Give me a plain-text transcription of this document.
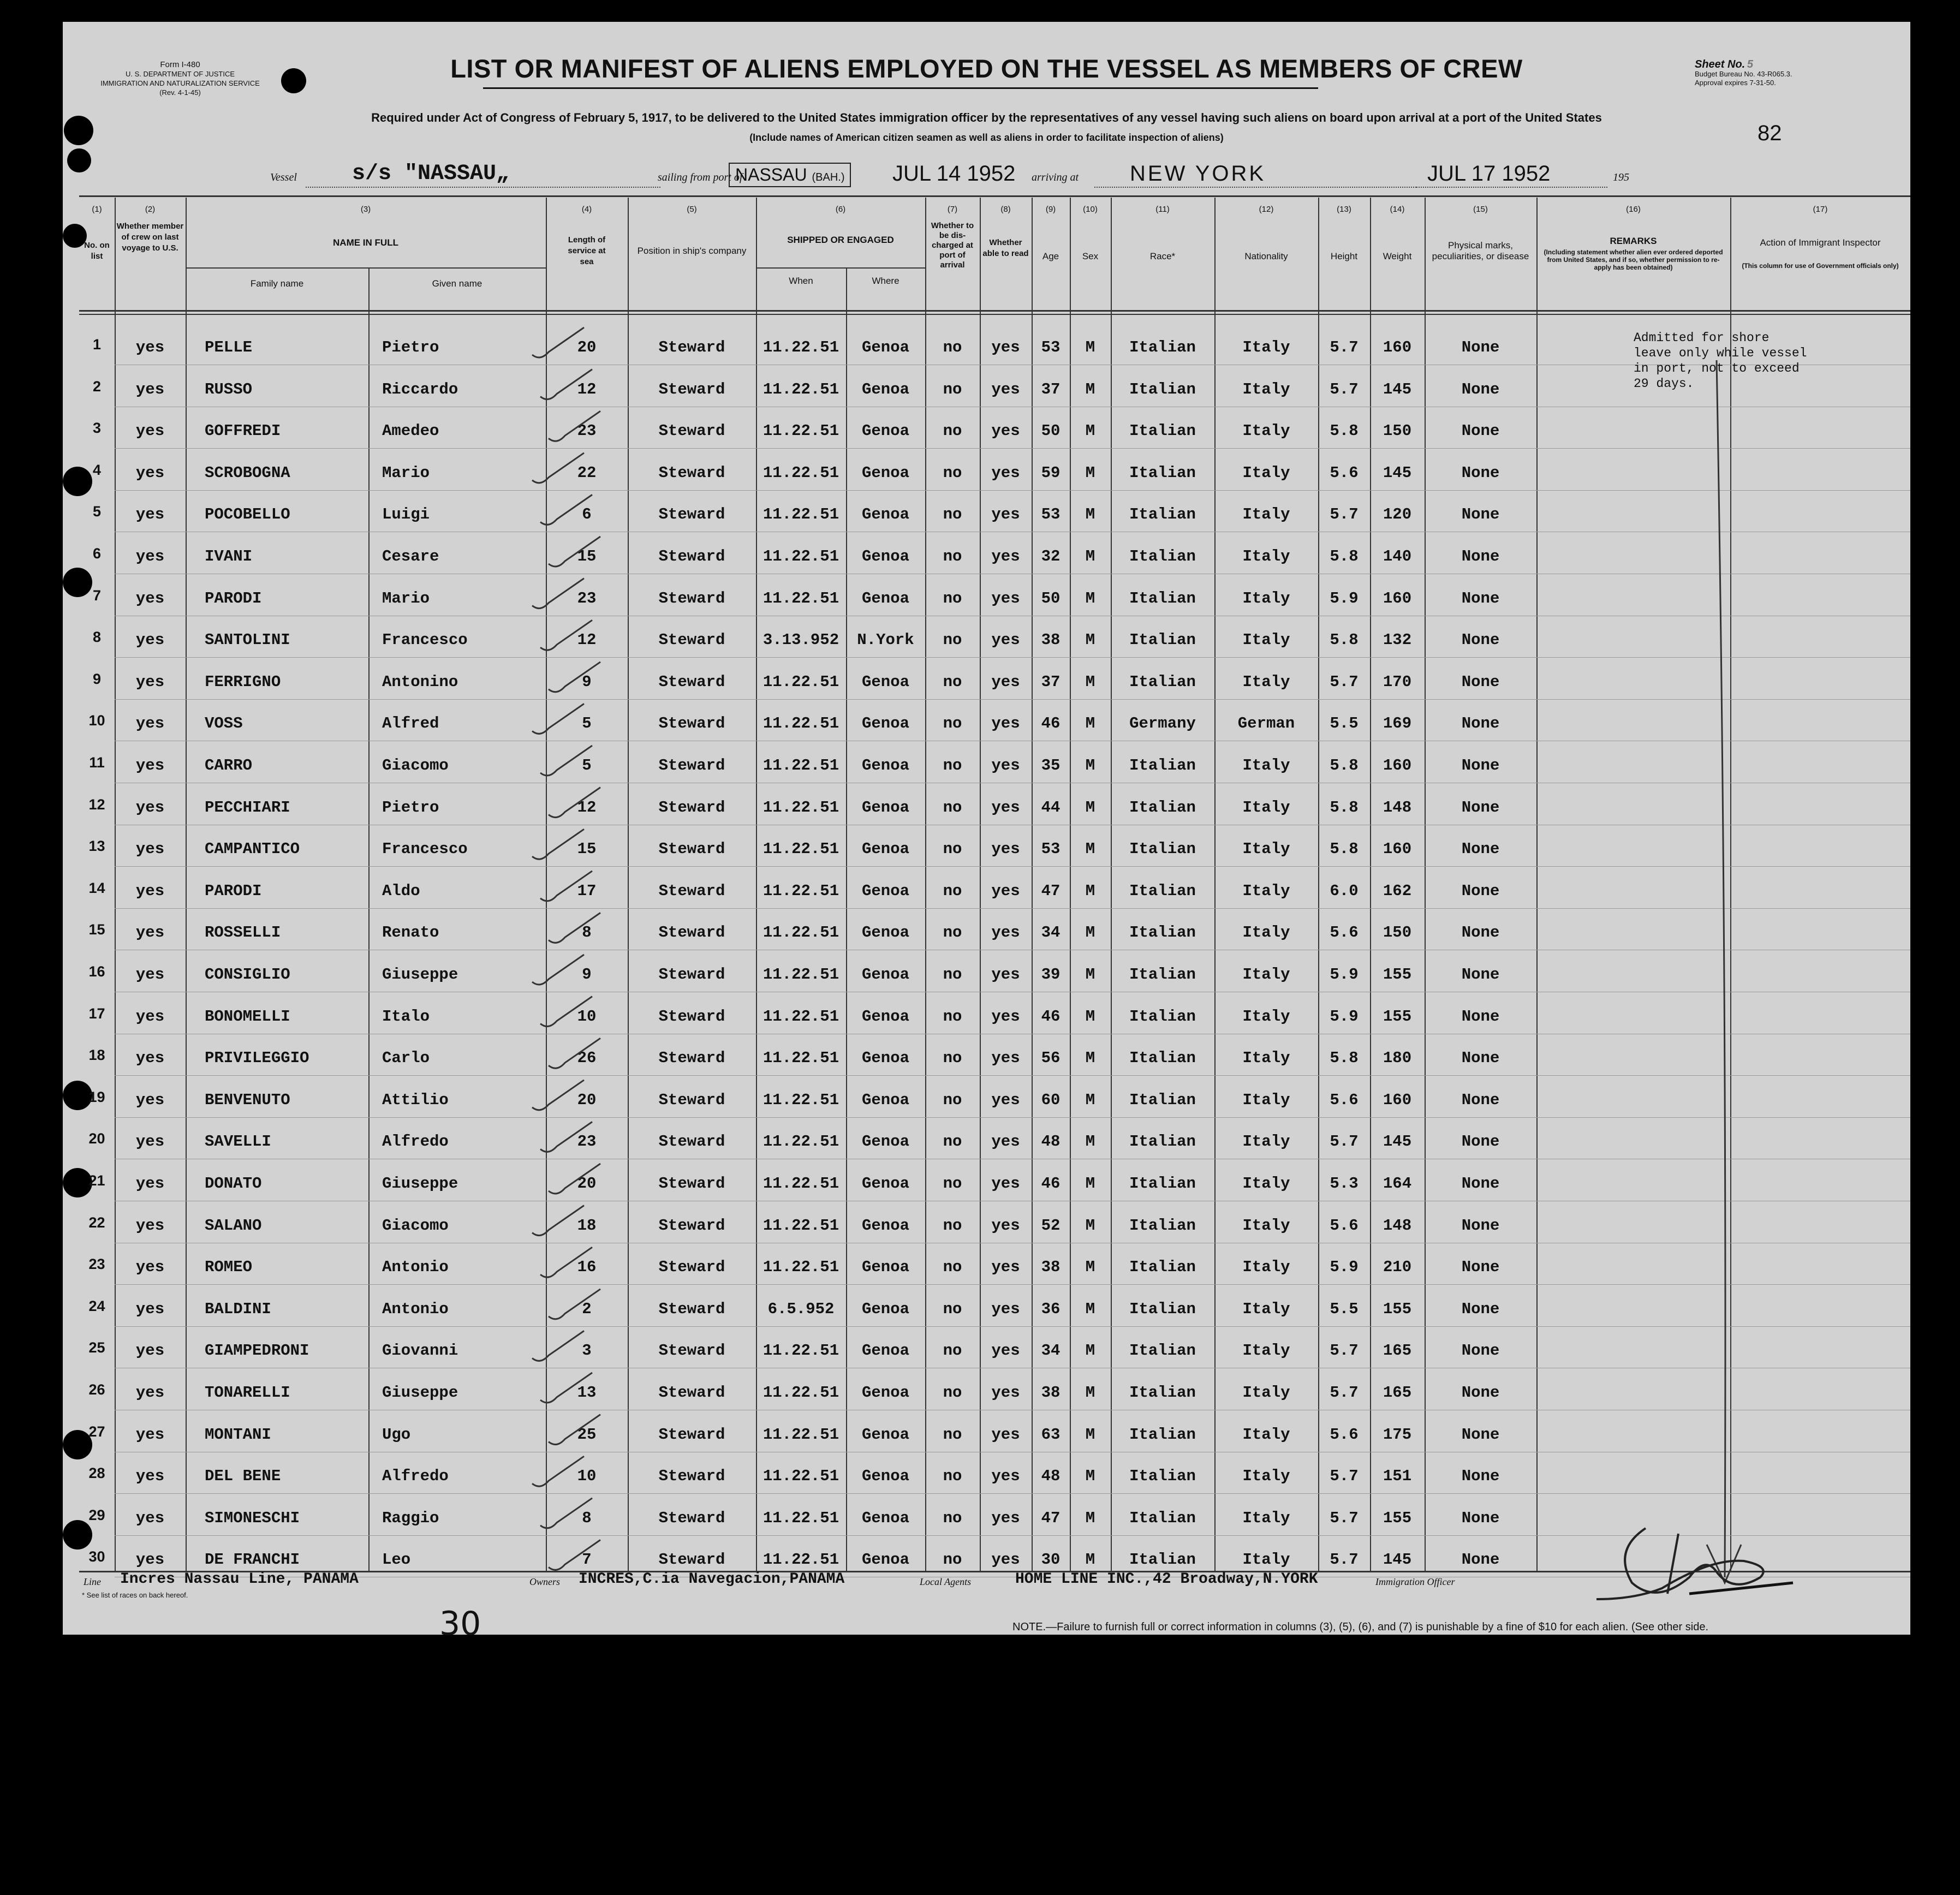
Form I-480
U. S. DEPARTMENT OF JUSTICE
IMMIGRATION AND NATURALIZATION SERVICE
(Rev. 4-1-45)
LIST OR MANIFEST OF ALIENS EMPLOYED ON THE VESSEL AS MEMBERS OF CREW
Required under Act of Congress of February 5, 1917, to be delivered to the United States immigration officer by the representatives of any vessel having such aliens on board upon arrival at a port of the United States
(Include names of American citizen seamen as well as aliens in order to facilitate inspection of aliens)
Sheet No. 5
Budget Bureau No. 43-R065.3.
Approval expires 7-31-50.
82
Vessel	s/s "NASSAU„	sailing from port of
NASSAU (BAH.)	JUL 14 1952 arriving at NEW YORK	JUL 17 1952	195
(2)
(1)
No. on list
Whether member of crew on last voyage to U.S.
(3)
NAME IN FULL
Family name	Given name
(4)
Length of service at sea
(5)
Position in ship's company
(6)
SHIPPED OR ENGAGED
When	Where
(7)
Whether to be dis-charged at port of arrival
(8)
Whether able to read
(9)
Age
(10)
Sex
(11)
Race*
(12)
Nationality
(13)
Height
(14)
Weight
(15)
Physical marks, peculiarities, or disease
(16)
REMARKS
(Including statement whether alien ever ordered deported from United States, and if so, whether permission to re-apply has been obtained)
(17)
Action of Immigrant Inspector
(This column for use of Government officials only)
1	yes	PELLE	Pietro	20	Steward	11.22.51	Genoa	no	yes	53	M	Italian	Italy	5.7	160	None
2	yes	RUSSO	Riccardo	12	Steward	11.22.51	Genoa	no	yes	37	M	Italian	Italy	5.7	145	None
3	yes	GOFFREDI	Amedeo	23	Steward	11.22.51	Genoa	no	yes	50	M	Italian	Italy	5.8	150	None
4	yes	SCROBOGNA	Mario	22	Steward	11.22.51	Genoa	no	yes	59	M	Italian	Italy	5.6	145	None
5	yes	POCOBELLO	Luigi	6	Steward	11.22.51	Genoa	no	yes	53	M	Italian	Italy	5.7	120	None
6	yes	IVANI	Cesare	15	Steward	11.22.51	Genoa	no	yes	32	M	Italian	Italy	5.8	140	None
7	yes	PARODI	Mario	23	Steward	11.22.51	Genoa	no	yes	50	M	Italian	Italy	5.9	160	None
8	yes	SANTOLINI	Francesco	12	Steward	3.13.952	N.York	no	yes	38	M	Italian	Italy	5.8	132	None
9	yes	FERRIGNO	Antonino	9	Steward	11.22.51	Genoa	no	yes	37	M	Italian	Italy	5.7	170	None
10	yes	VOSS	Alfred	5	Steward	11.22.51	Genoa	no	yes	46	M	Germany	German	5.5	169	None
11	yes	CARRO	Giacomo	5	Steward	11.22.51	Genoa	no	yes	35	M	Italian	Italy	5.8	160	None
12	yes	PECCHIARI	Pietro	12	Steward	11.22.51	Genoa	no	yes	44	M	Italian	Italy	5.8	148	None
13	yes	CAMPANTICO	Francesco	15	Steward	11.22.51	Genoa	no	yes	53	M	Italian	Italy	5.8	160	None
14	yes	PARODI	Aldo	17	Steward	11.22.51	Genoa	no	yes	47	M	Italian	Italy	6.0	162	None
15	yes	ROSSELLI	Renato	8	Steward	11.22.51	Genoa	no	yes	34	M	Italian	Italy	5.6	150	None
16	yes	CONSIGLIO	Giuseppe	9	Steward	11.22.51	Genoa	no	yes	39	M	Italian	Italy	5.9	155	None
17	yes	BONOMELLI	Italo	10	Steward	11.22.51	Genoa	no	yes	46	M	Italian	Italy	5.9	155	None
18	yes	PRIVILEGGIO	Carlo	26	Steward	11.22.51	Genoa	no	yes	56	M	Italian	Italy	5.8	180	None
19	yes	BENVENUTO	Attilio	20	Steward	11.22.51	Genoa	no	yes	60	M	Italian	Italy	5.6	160	None
20	yes	SAVELLI	Alfredo	23	Steward	11.22.51	Genoa	no	yes	48	M	Italian	Italy	5.7	145	None
21	yes	DONATO	Giuseppe	20	Steward	11.22.51	Genoa	no	yes	46	M	Italian	Italy	5.3	164	None
22	yes	SALANO	Giacomo	18	Steward	11.22.51	Genoa	no	yes	52	M	Italian	Italy	5.6	148	None
23	yes	ROMEO	Antonio	16	Steward	11.22.51	Genoa	no	yes	38	M	Italian	Italy	5.9	210	None
24	yes	BALDINI	Antonio	2	Steward	6.5.952	Genoa	no	yes	36	M	Italian	Italy	5.5	155	None
25	yes	GIAMPEDRONI	Giovanni	3	Steward	11.22.51	Genoa	no	yes	34	M	Italian	Italy	5.7	165	None
26	yes	TONARELLI	Giuseppe	13	Steward	11.22.51	Genoa	no	yes	38	M	Italian	Italy	5.7	165	None
27	yes	MONTANI	Ugo	25	Steward	11.22.51	Genoa	no	yes	63	M	Italian	Italy	5.6	175	None
28	yes	DEL BENE	Alfredo	10	Steward	11.22.51	Genoa	no	yes	48	M	Italian	Italy	5.7	151	None
29	yes	SIMONESCHI	Raggio	8	Steward	11.22.51	Genoa	no	yes	47	M	Italian	Italy	5.7	155	None
30	yes	DE FRANCHI	Leo	7	Steward	11.22.51	Genoa	no	yes	30	M	Italian	Italy	5.7	145	None
Admitted for shore leave only while vessel in port, not to exceed 29 days.
Line Incres Nassau Line, PANAMA	Owners INCRES,C.ia Navegacion,PANAMA	Local Agents	HOME LINE INC.,42 Broadway,N.YORK	Immigration Officer
* See list of races on back hereof.
30	NOTE.—Failure to furnish full or correct information in columns (3), (5), (6), and (7) is punishable by a fine of $10 for each alien. (See other side.
